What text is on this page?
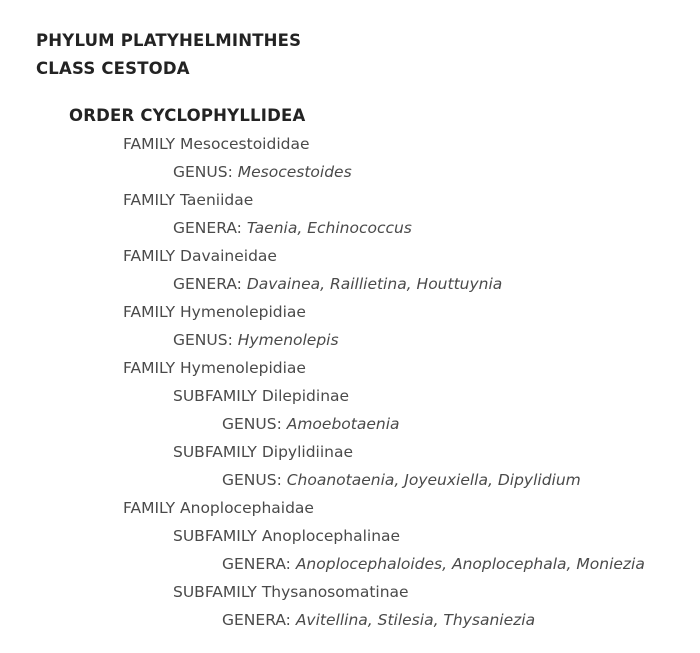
PHYLUM PLATYHELMINTHES
CLASS CESTODA
ORDER CYCLOPHYLLIDEA
FAMILY Mesocestoididae
GENUS: Mesocestoides
FAMILY Taeniidae
GENERA: Taenia, Echinococcus
FAMILY Davaineidae
GENERA: Davainea, Raillietina, Houttuynia
FAMILY Hymenolepidiae
GENUS: Hymenolepis
FAMILY Hymenolepidiae
SUBFAMILY Dilepidinae
GENUS: Amoebotaenia
SUBFAMILY Dipylidiinae
GENUS: Choanotaenia, Joyeuxiella, Dipylidium
FAMILY Anoplocephaidae
SUBFAMILY Anoplocephalinae
GENERA: Anoplocephaloides, Anoplocephala, Moniezia
SUBFAMILY Thysanosomatinae
GENERA: Avitellina, Stilesia, Thysaniezia
